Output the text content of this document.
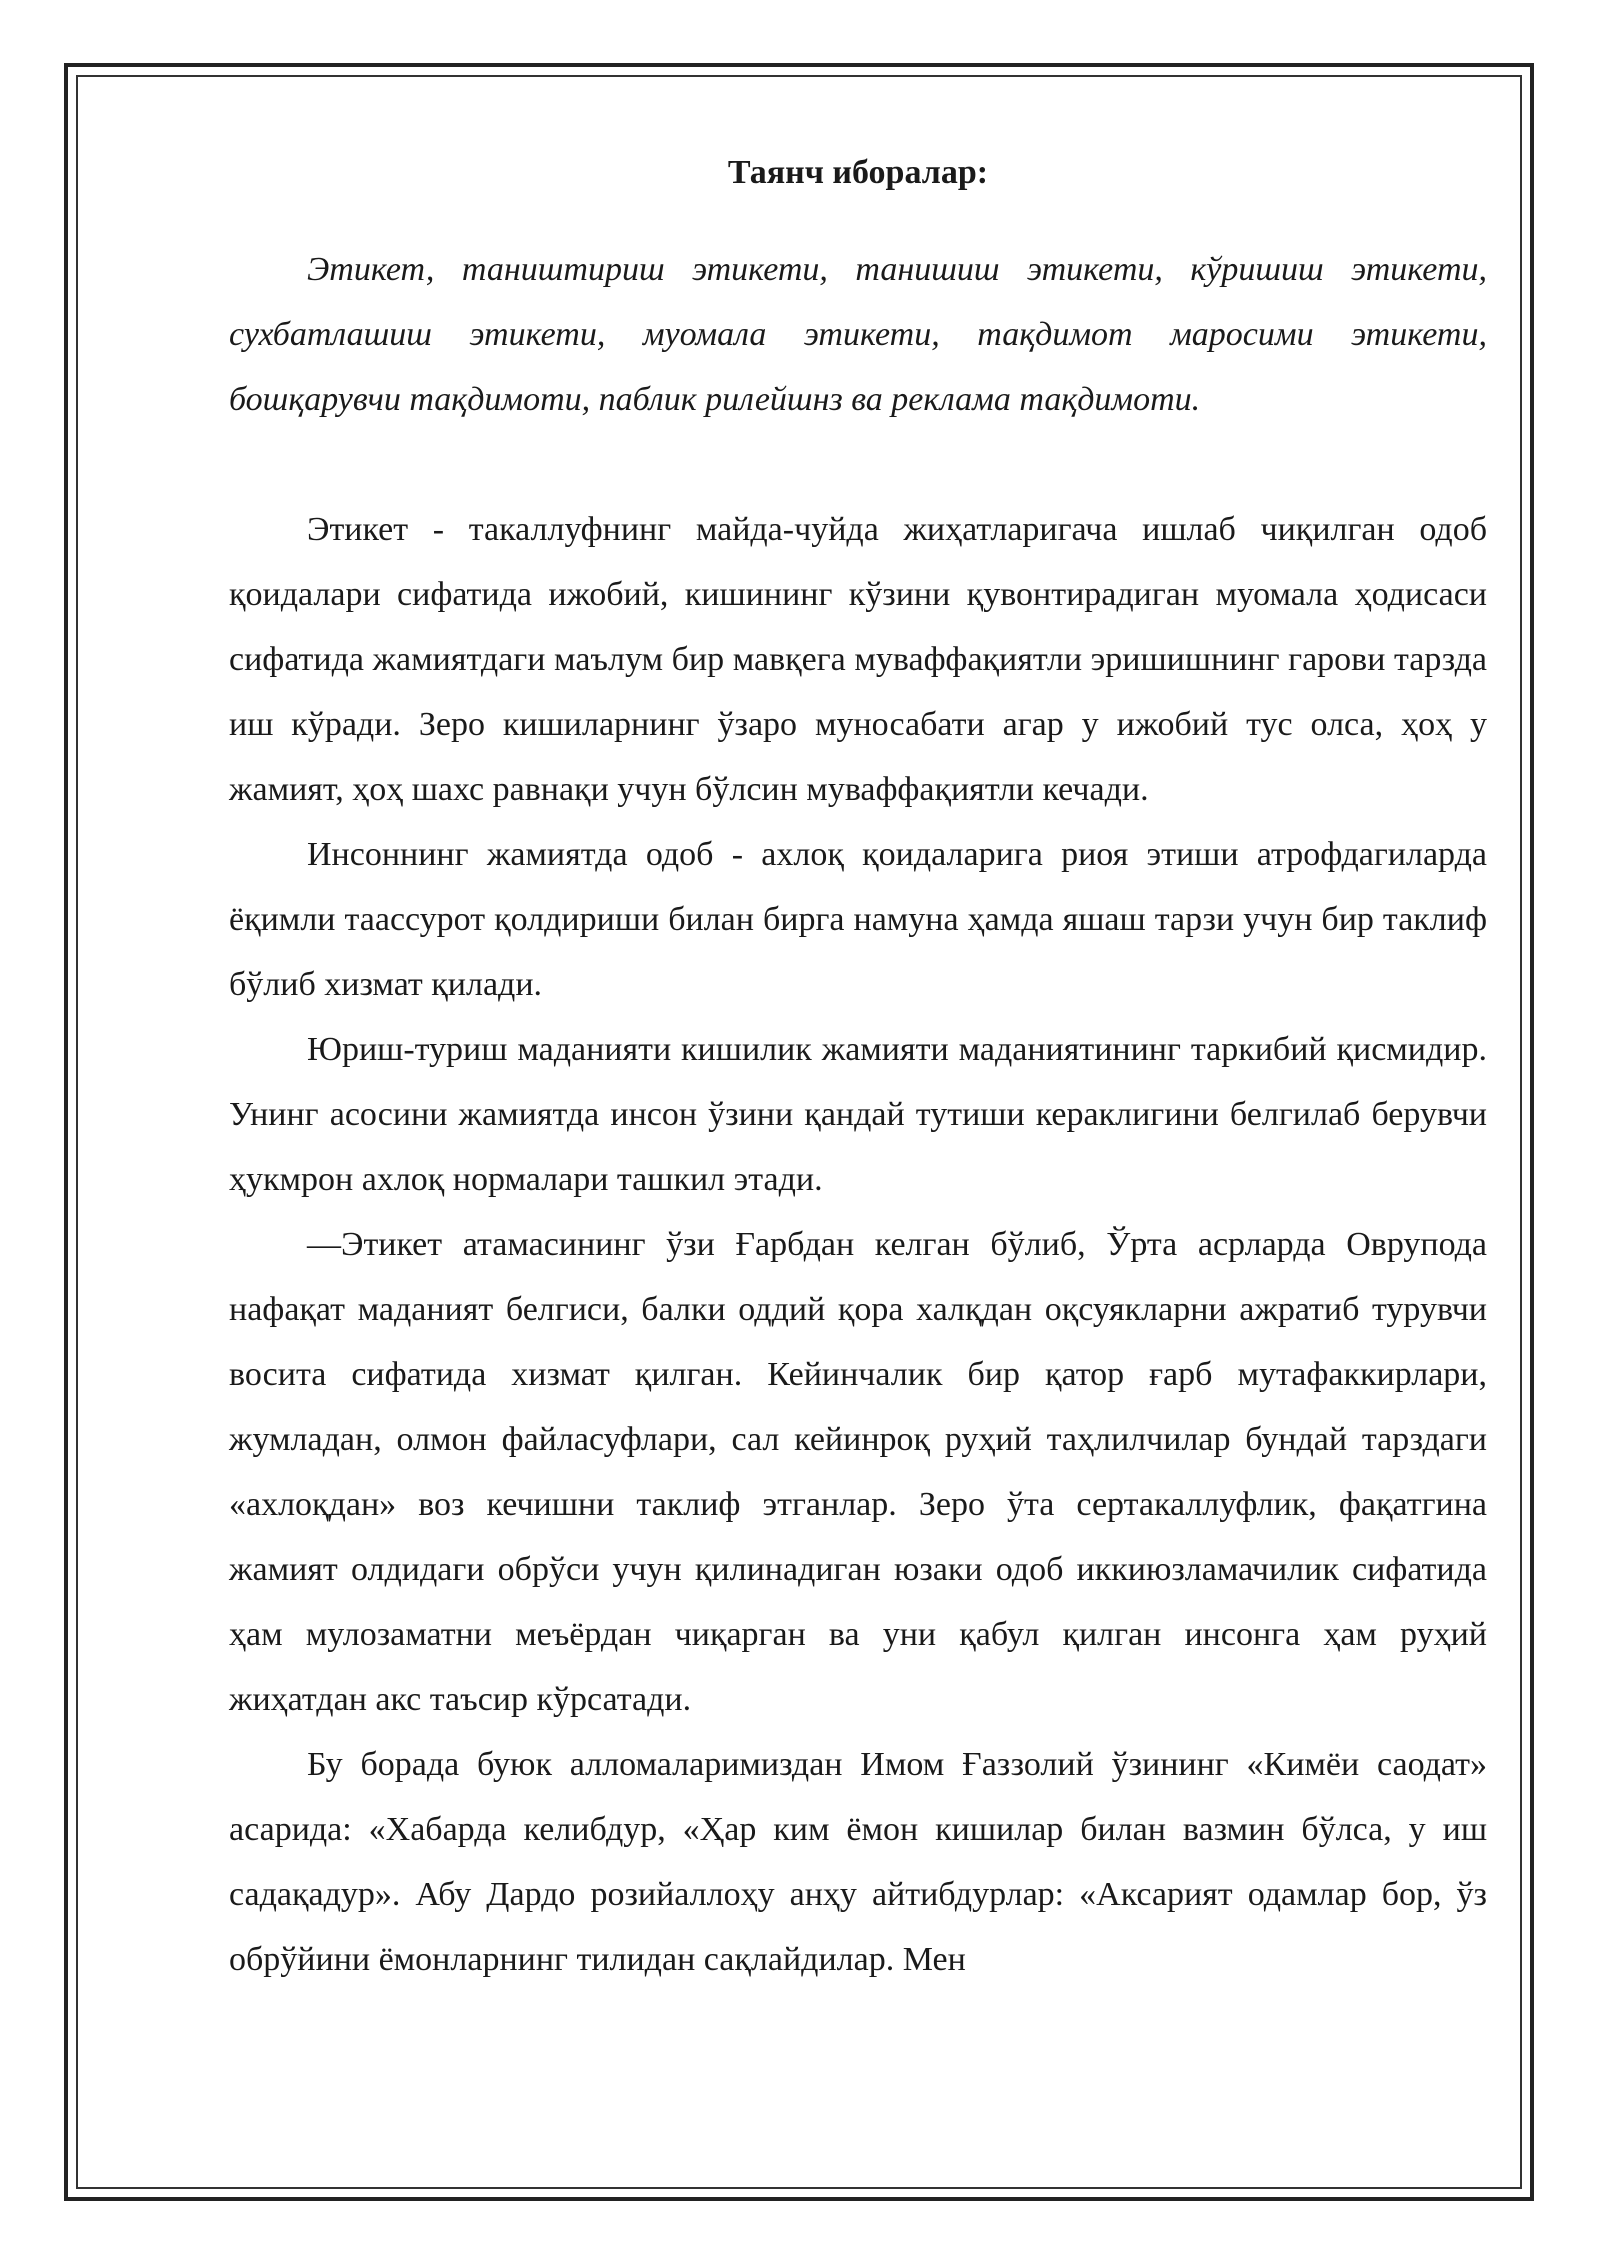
Таянч иборалар:

Этикет, таништириш этикети, танишиш этикети, кўришиш этикети, сухбатлашиш этикети, муомала этикети, тақдимот маросими этикети, бошқарувчи тақдимоти, паблик рилейшнз ва реклама тақдимоти.

Этикет - такаллуфнинг майда-чуйда жиҳатларигача ишлаб чиқилган одоб қоидалари сифатида ижобий, кишининг кўзини қувонтирадиган муомала ҳодисаси сифатида жамиятдаги маълум бир мавқега муваффақиятли эришишнинг гарови тарзда иш кўради. Зеро кишиларнинг ўзаро муносабати агар у ижобий тус олса, ҳоҳ у жамият, ҳоҳ шахс равнақи учун бўлсин муваффақиятли кечади.

Инсоннинг жамиятда одоб - ахлоқ қоидаларига риоя этиши атрофдагиларда ёқимли таассурот қолдириши билан бирга намуна ҳамда яшаш тарзи учун бир таклиф бўлиб хизмат қилади.

Юриш-туриш маданияти кишилик жамияти маданиятининг таркибий қисмидир. Унинг асосини жамиятда инсон ўзини қандай тутиши кераклигини белгилаб берувчи ҳукмрон ахлоқ нормалари ташкил этади.

―Этикет атамасининг ўзи Ғарбдан келган бўлиб, Ўрта асрларда Оврупода нафақат маданият белгиси, балки оддий қора халқдан оқсуякларни ажратиб турувчи восита сифатида хизмат қилган. Кейинчалик бир қатор ғарб мутафаккирлари, жумладан, олмон файласуфлари, сал кейинроқ руҳий таҳлилчилар бундай тарздаги «ахлоқдан» воз кечишни таклиф этганлар. Зеро ўта сертакаллуфлик, фақатгина жамият олдидаги обрўси учун қилинадиган юзаки одоб иккиюзламачилик сифатида ҳам мулозаматни меъёрдан чиқарган ва уни қабул қилган инсонга ҳам руҳий жиҳатдан акс таъсир кўрсатади.

Бу борада буюк алломаларимиздан Имом Ғаззолий ўзининг «Кимёи саодат» асарида: «Хабарда келибдур, «Ҳар ким ёмон кишилар билан вазмин бўлса, у иш садақадур». Абу Дардо розийаллоҳу анҳу айтибдурлар: «Аксарият одамлар бор, ўз обрўйини ёмонларнинг тилидан сақлайдилар. Мен
